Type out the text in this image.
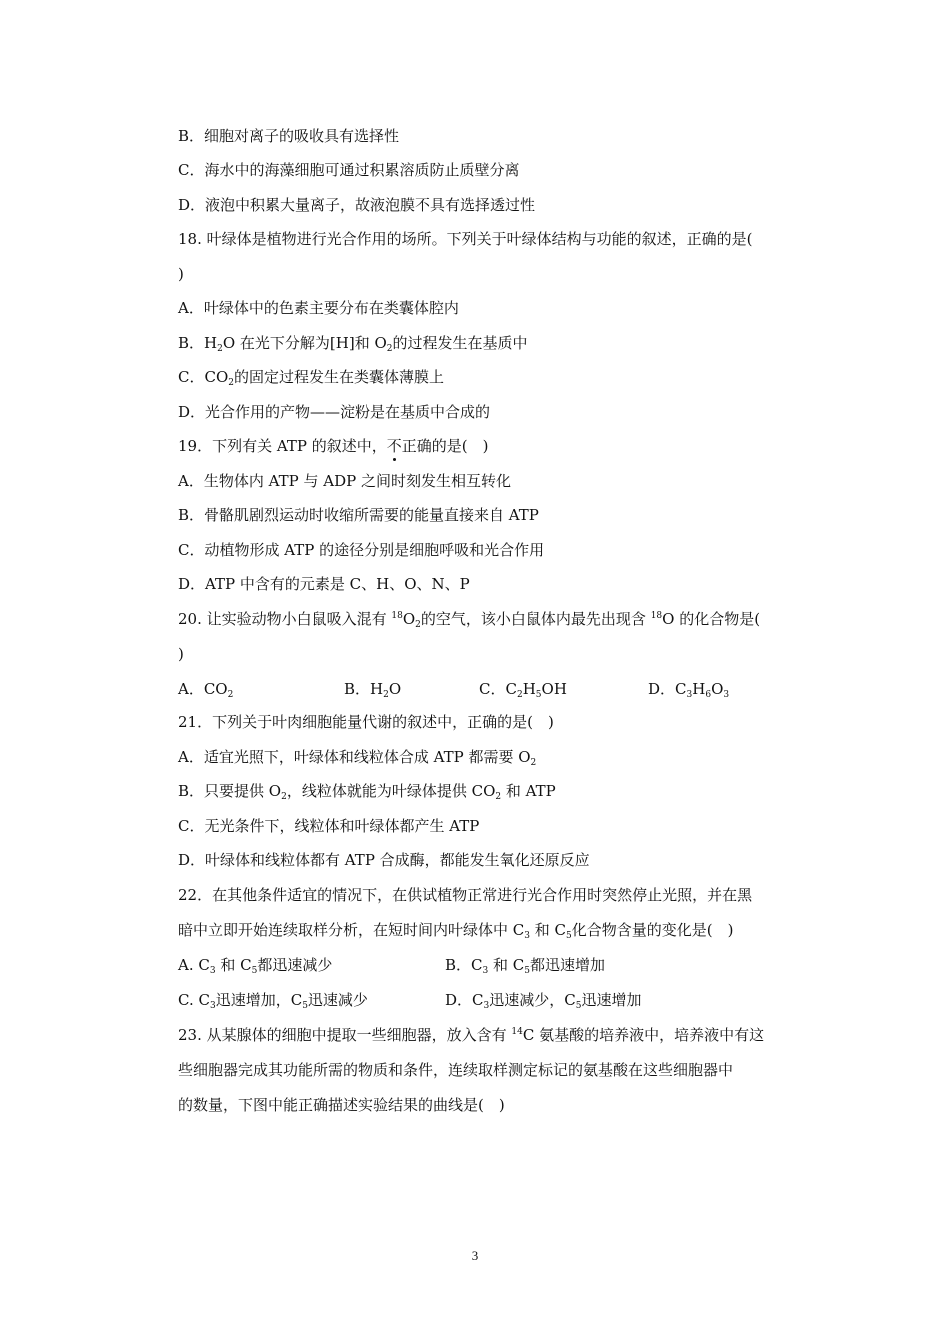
B．细胞对离子的吸收具有选择性
C．海水中的海藻细胞可通过积累溶质防止质壁分离
D．液泡中积累大量离子，故液泡膜不具有选择透过性
18. 叶绿体是植物进行光合作用的场所。下列关于叶绿体结构与功能的叙述，正确的是(
)
A．叶绿体中的色素主要分布在类囊体腔内
B．$H_2O$ 在光下分解为[H]和 $O_2$的过程发生在基质中
C．$CO_2$的固定过程发生在类囊体薄膜上
D．光合作用的产物——淀粉是在基质中合成的
19．下列有关 ATP 的叙述中，不正确的是(　)
A．生物体内 ATP 与 ADP 之间时刻发生相互转化
B．骨骼肌剧烈运动时收缩所需要的能量直接来自 ATP
C．动植物形成 ATP 的途径分别是细胞呼吸和光合作用
D．ATP 中含有的元素是 C、H、O、N、P
20. 让实验动物小白鼠吸入混有 $^{18}O_2$的空气，该小白鼠体内最先出现含 $^{18}$O 的化合物是(
)
A．$CO_2$	B．$H_2O$	C．$C_2H_5OH$	D．$C_3H_6O_3$
21．下列关于叶肉细胞能量代谢的叙述中，正确的是(　)
A．适宜光照下，叶绿体和线粒体合成 ATP 都需要 $O_2$
B．只要提供 $O_2$，线粒体就能为叶绿体提供 $CO_2$ 和 ATP
C．无光条件下，线粒体和叶绿体都产生 ATP
D．叶绿体和线粒体都有 ATP 合成酶，都能发生氧化还原反应
22．在其他条件适宜的情况下，在供试植物正常进行光合作用时突然停止光照，并在黑
暗中立即开始连续取样分析，在短时间内叶绿体中 $C_3$ 和 $C_5$化合物含量的变化是(　)
A. $C_3$ 和 $C_5$都迅速减少	B．$C_3$ 和 $C_5$都迅速增加
C. $C_3$迅速增加，$C_5$迅速减少	D．$C_3$迅速减少，$C_5$迅速增加
23. 从某腺体的细胞中提取一些细胞器，放入含有 $^{14}$C 氨基酸的培养液中，培养液中有这
些细胞器完成其功能所需的物质和条件，连续取样测定标记的氨基酸在这些细胞器中
的数量，下图中能正确描述实验结果的曲线是(　)
3
